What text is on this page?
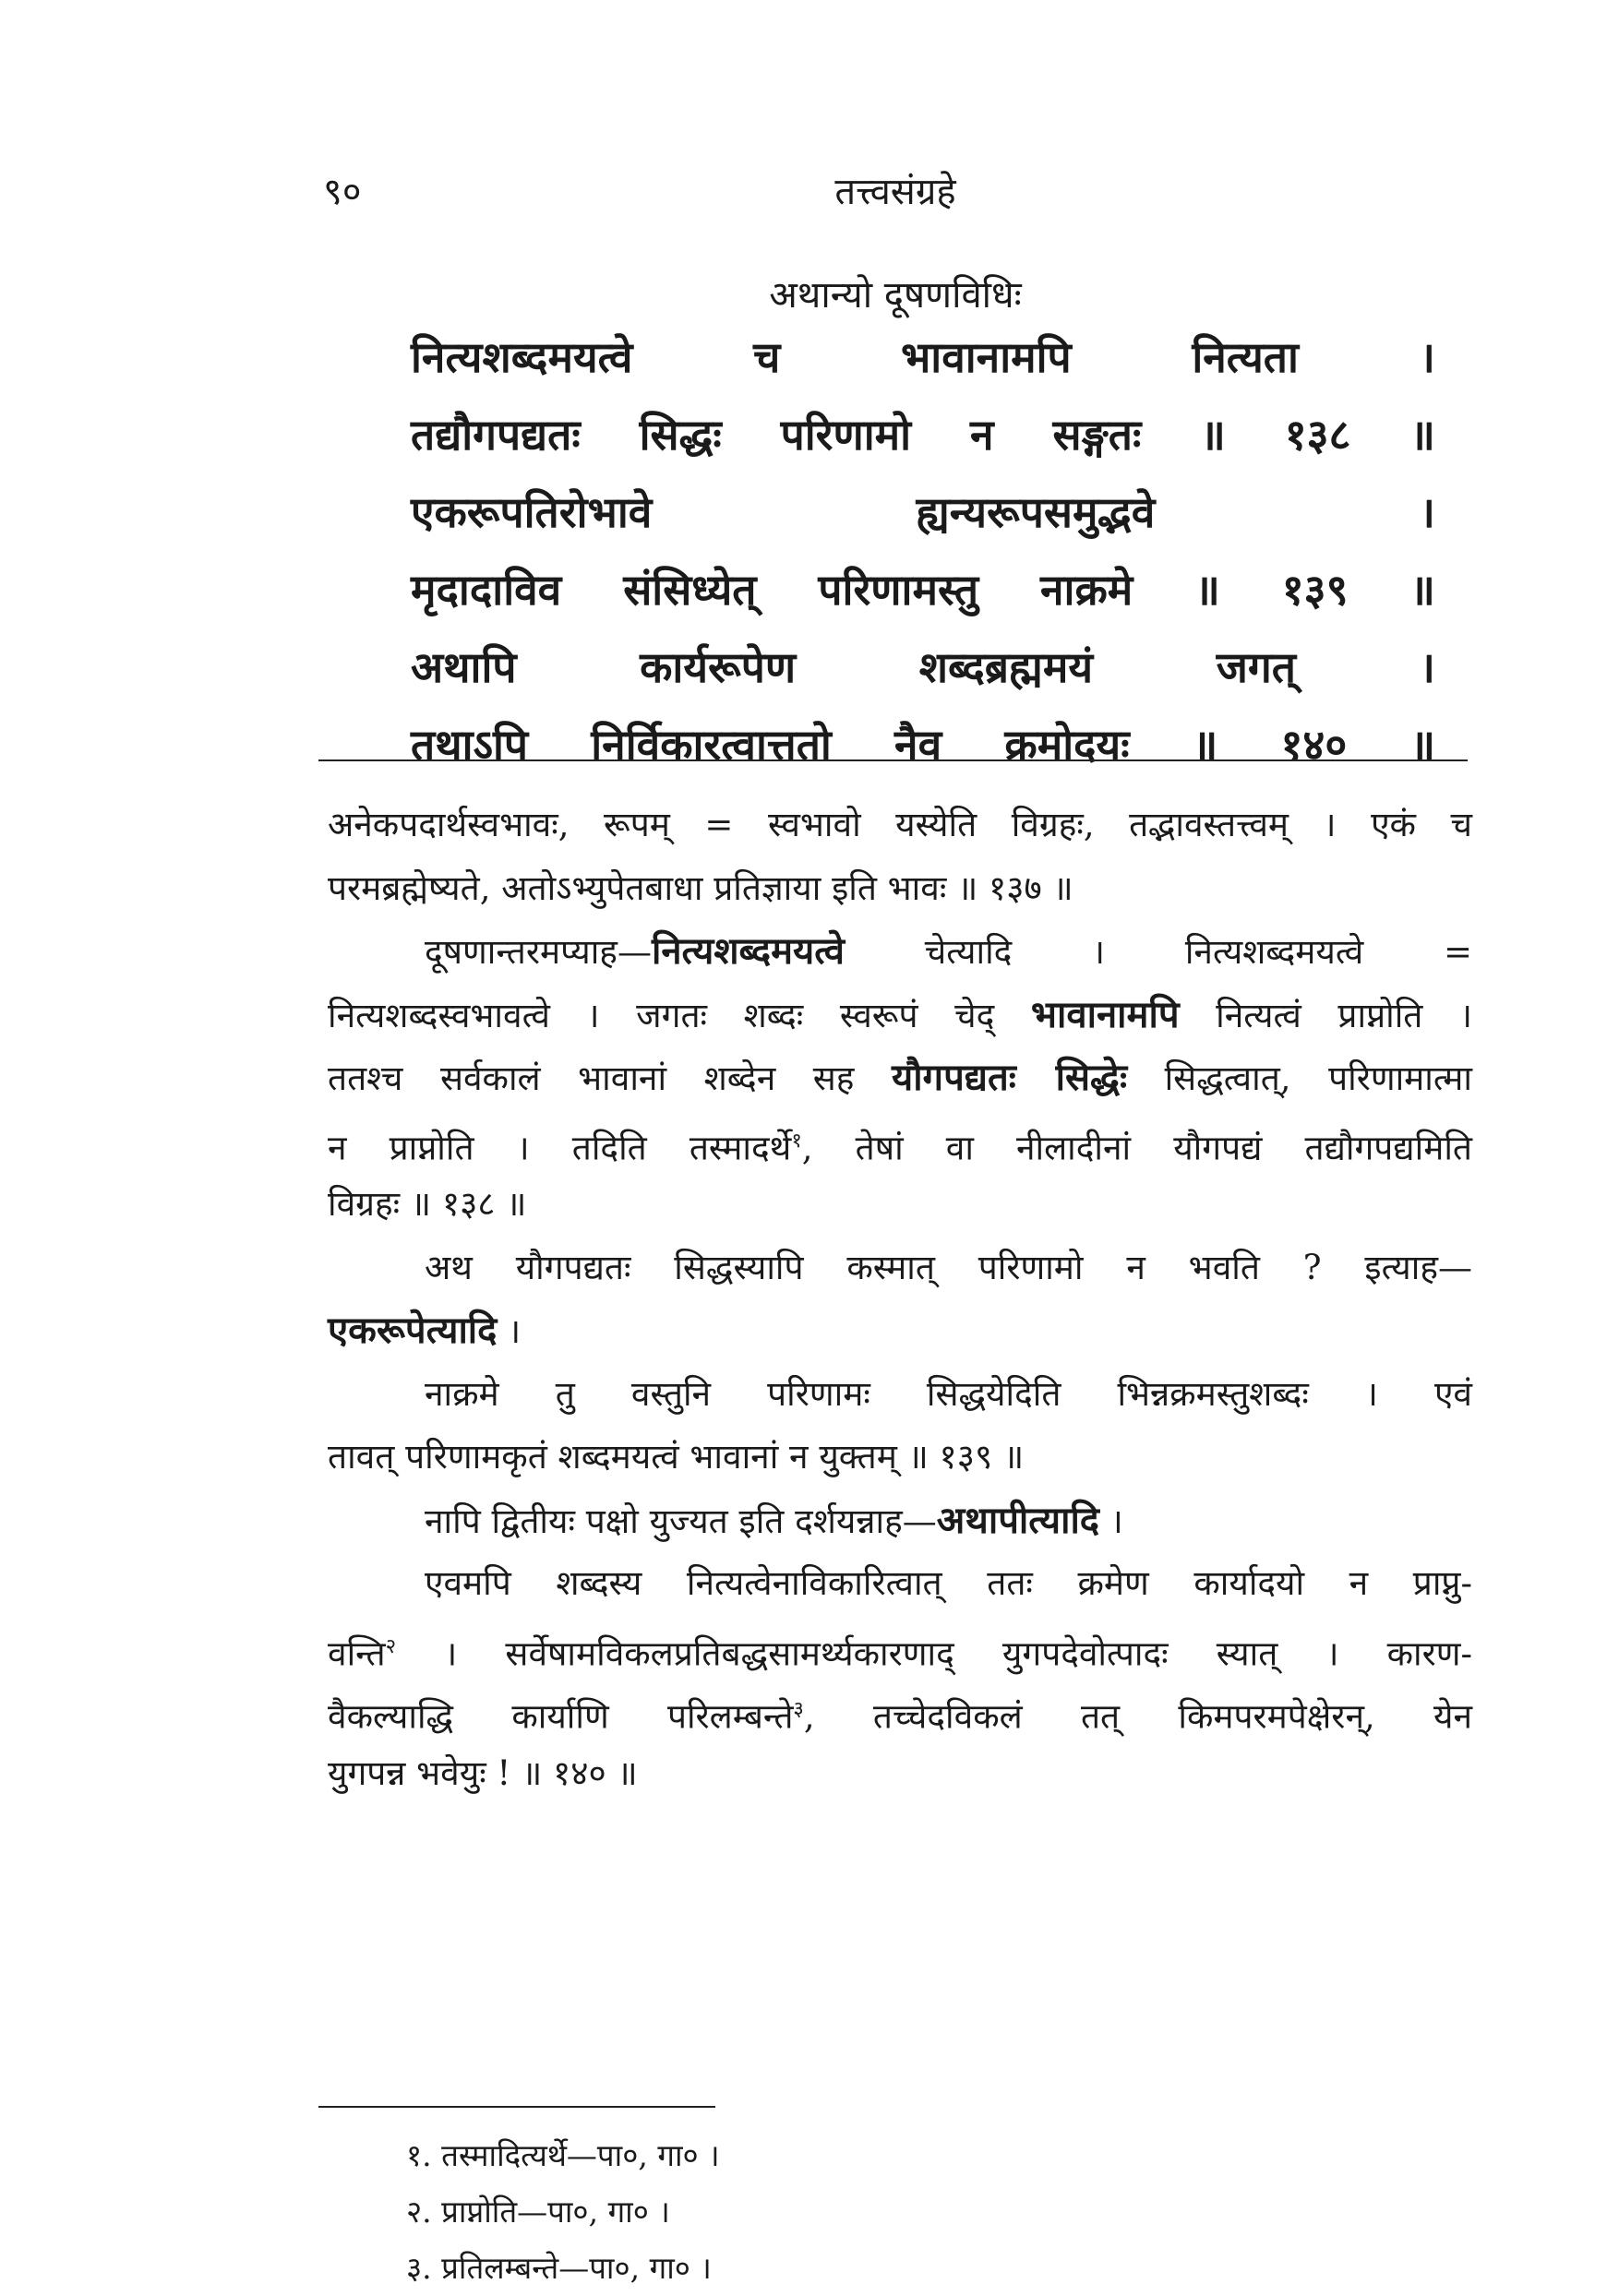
९०	तत्त्वसंग्रहे
अथान्यो दूषणविधिः
नित्यशब्दमयत्वे च भावानामपि नित्यता ।
तद्यौगपद्यतः सिद्धः परिणामो न सङ्गतः ॥ १३८ ॥
एकरूपतिरोभावे ह्यन्यरूपसमुद्भवे ।
मृदादाविव संसिध्येत् परिणामस्तु नाक्रमे ॥ १३९ ॥
अथापि कार्यरूपेण शब्दब्रह्ममयं जगत् ।
तथाऽपि निर्विकारत्वात्ततो नैव क्रमोदयः ॥ १४० ॥
अनेकपदार्थस्वभावः, रूपम् = स्वभावो यस्येति विग्रहः, तद्भावस्तत्त्वम् । एकं च
परमब्रह्मेष्यते, अतोऽभ्युपेतबाधा प्रतिज्ञाया इति भावः ॥ १३७ ॥
दूषणान्तरमप्याह—नित्यशब्दमयत्वे चेत्यादि । नित्यशब्दमयत्वे =
नित्यशब्दस्वभावत्वे । जगतः शब्दः स्वरूपं चेद् भावानामपि नित्यत्वं प्राप्नोति ।
ततश्च सर्वकालं भावानां शब्देन सह यौगपद्यतः सिद्धेः सिद्धत्वात्, परिणामात्मा
न प्राप्नोति । तदिति तस्मादर्थे$^१$, तेषां वा नीलादीनां यौगपद्यं तद्यौगपद्यमिति
विग्रहः ॥ १३८ ॥
अथ यौगपद्यतः सिद्धस्यापि कस्मात् परिणामो न भवति ? इत्याह—
एकरूपेत्यादि ।
नाक्रमे तु वस्तुनि परिणामः सिद्धयेदिति भिन्नक्रमस्तुशब्दः । एवं
तावत् परिणामकृतं शब्दमयत्वं भावानां न युक्तम् ॥ १३९ ॥
नापि द्वितीयः पक्षो युज्यत इति दर्शयन्नाह—अथापीत्यादि ।
एवमपि शब्दस्य नित्यत्वेनाविकारित्वात् ततः क्रमेण कार्यादयो न प्राप्नु-
वन्ति$^२$ । सर्वेषामविकलप्रतिबद्धसामर्थ्यकारणाद् युगपदेवोत्पादः स्यात् । कारण-
वैकल्याद्धि कार्याणि परिलम्बन्ते$^३$, तच्चेदविकलं तत् किमपरमपेक्षेरन्, येन
युगपन्न भवेयुः ! ॥ १४० ॥
१. तस्मादित्यर्थे—पा०, गा० ।
२. प्राप्नोति—पा०, गा० ।
३. प्रतिलम्बन्ते—पा०, गा० ।
